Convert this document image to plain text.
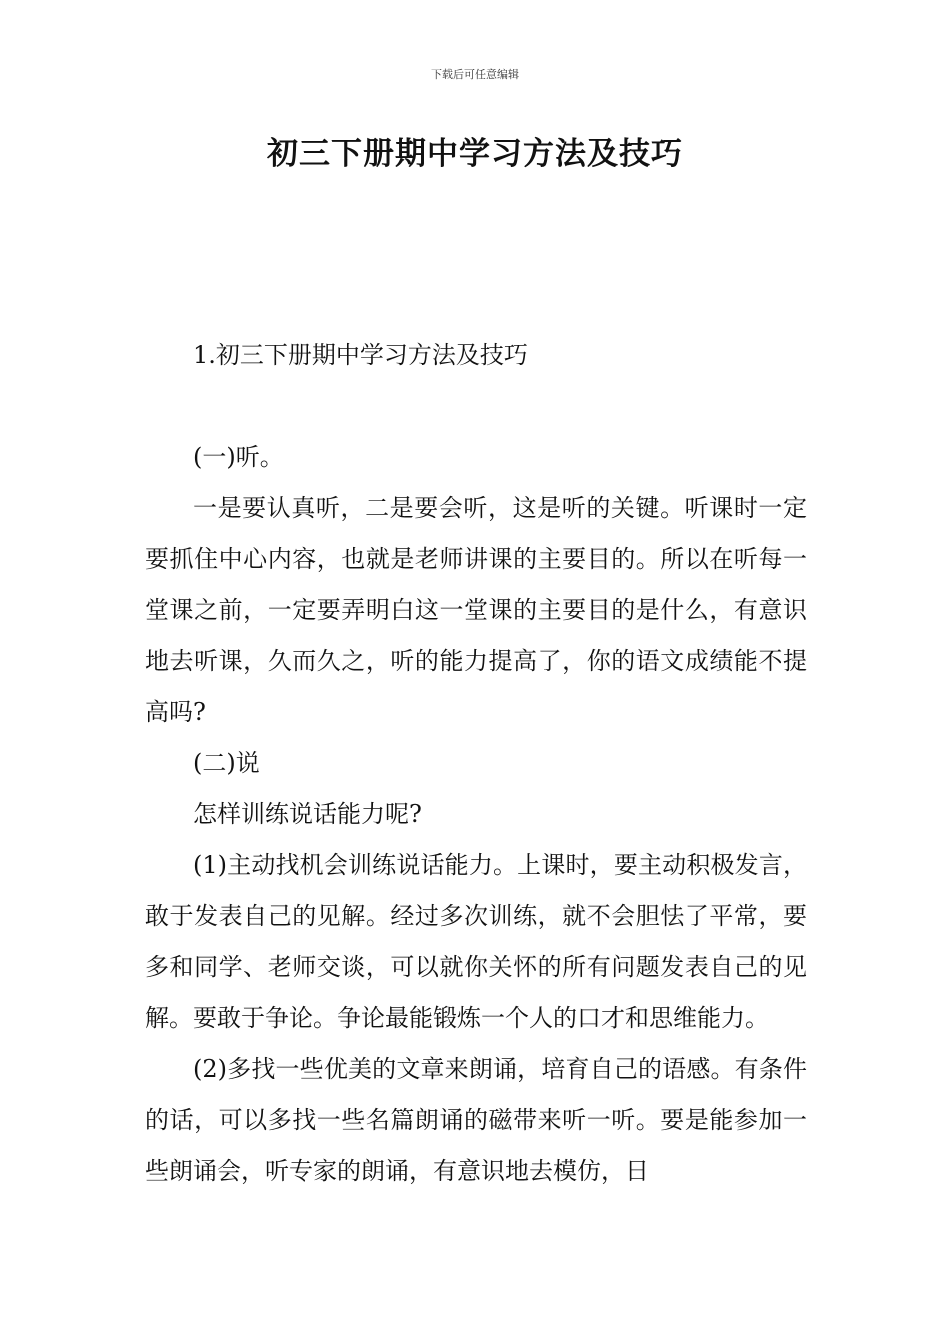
下载后可任意编辑
初三下册期中学习方法及技巧

1.初三下册期中学习方法及技巧

(一)听。

一是要认真听，二是要会听，这是听的关键。听课时一定要抓住中心内容，也就是老师讲课的主要目的。所以在听每一堂课之前，一定要弄明白这一堂课的主要目的是什么，有意识地去听课，久而久之，听的能力提高了，你的语文成绩能不提高吗?

(二)说

怎样训练说话能力呢?

(1)主动找机会训练说话能力。上课时，要主动积极发言，敢于发表自己的见解。经过多次训练，就不会胆怯了平常，要多和同学、老师交谈，可以就你关怀的所有问题发表自己的见解。要敢于争论。争论最能锻炼一个人的口才和思维能力。

(2)多找一些优美的文章来朗诵，培育自己的语感。有条件的话，可以多找一些名篇朗诵的磁带来听一听。要是能参加一些朗诵会，听专家的朗诵，有意识地去模仿，日
